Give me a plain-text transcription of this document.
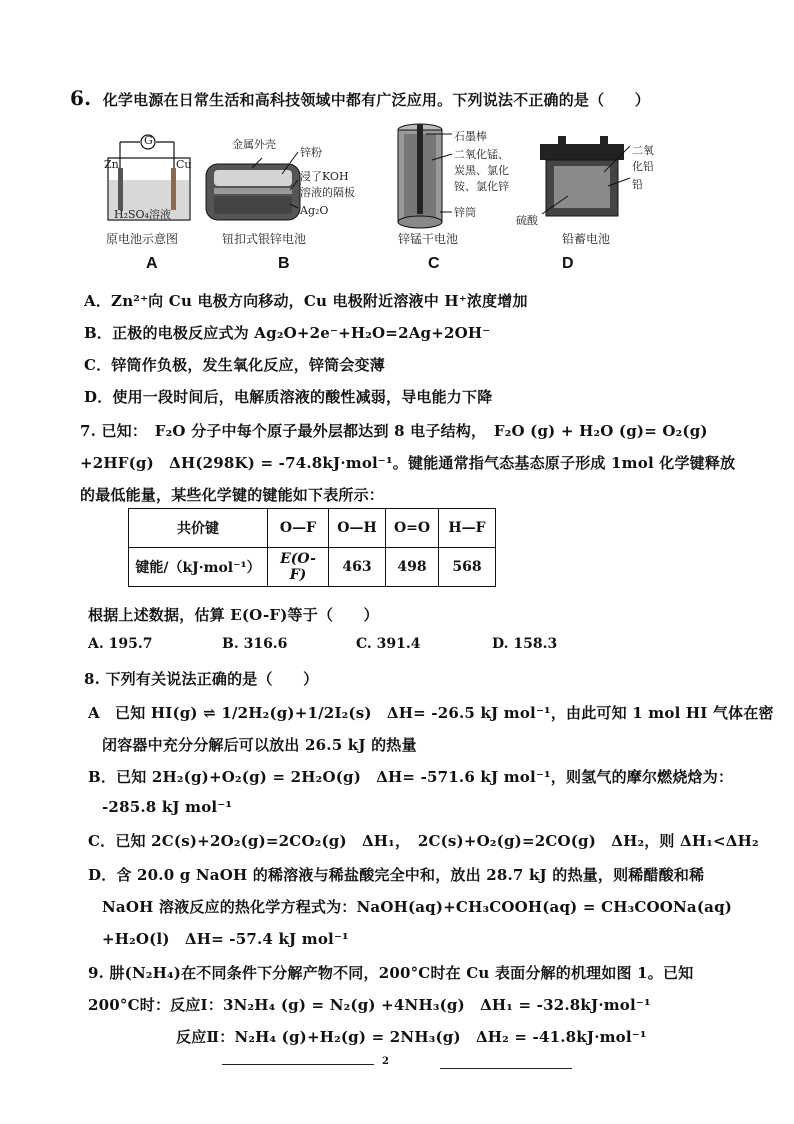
6. 化学电源在日常生活和高科技领域中都有广泛应用。下列说法不正确的是（　　）
G
Zn	Cu
H₂SO₄溶液
原电池示意图
A
金属外壳
锌粉
浸了KOH
溶液的隔板
Ag₂O
钮扣式银锌电池
B
石墨棒
二氧化锰、
炭黑、氯化
铵、氯化锌
锌筒
锌锰干电池
C
二氧
化铅
铅
硫酸
铅蓄电池
D
A．Zn²⁺向 Cu 电极方向移动，Cu 电极附近溶液中 H⁺浓度增加
B．正极的电极反应式为 Ag₂O+2e⁻+H₂O=2Ag+2OH⁻
C．锌筒作负极，发生氧化反应，锌筒会变薄
D．使用一段时间后，电解质溶液的酸性减弱，导电能力下降
7. 已知：　F₂O 分子中每个原子最外层都达到 8 电子结构，　F₂O (g) + H₂O (g)= O₂(g)
+2HF(g)　ΔH(298K) = -74.8kJ·mol⁻¹。键能通常指气态基态原子形成 1mol 化学键释放
的最低能量，某些化学键的键能如下表所示：
共价键	O—F	O—H	O=O	H—F
键能/（kJ·mol⁻¹）	E(O-F)	463	498	568
根据上述数据，估算 E(O-F)等于（　　）
A. 195.7	B. 316.6	C. 391.4	D. 158.3
8. 下列有关说法正确的是（　　）
A　已知 HI(g) ⇌ 1/2H₂(g)+1/2I₂(s)　ΔH= -26.5 kJ mol⁻¹，由此可知 1 mol HI 气体在密
闭容器中充分分解后可以放出 26.5 kJ 的热量
B．已知 2H₂(g)+O₂(g) = 2H₂O(g)　ΔH= -571.6 kJ mol⁻¹，则氢气的摩尔燃烧焓为：
-285.8 kJ mol⁻¹
C．已知 2C(s)+2O₂(g)=2CO₂(g)　ΔH₁，　2C(s)+O₂(g)=2CO(g)　ΔH₂，则 ΔH₁<ΔH₂
D．含 20.0 g NaOH 的稀溶液与稀盐酸完全中和，放出 28.7 kJ 的热量，则稀醋酸和稀
NaOH 溶液反应的热化学方程式为：NaOH(aq)+CH₃COOH(aq) = CH₃COONa(aq)
+H₂O(l)　ΔH= -57.4 kJ mol⁻¹
9. 肼(N₂H₄)在不同条件下分解产物不同，200°C时在 Cu 表面分解的机理如图 1。已知
200°C时：反应Ⅰ：3N₂H₄ (g) = N₂(g) +4NH₃(g)　ΔH₁ = -32.8kJ·mol⁻¹
反应Ⅱ：N₂H₄ (g)+H₂(g) = 2NH₃(g)　ΔH₂ = -41.8kJ·mol⁻¹
2
